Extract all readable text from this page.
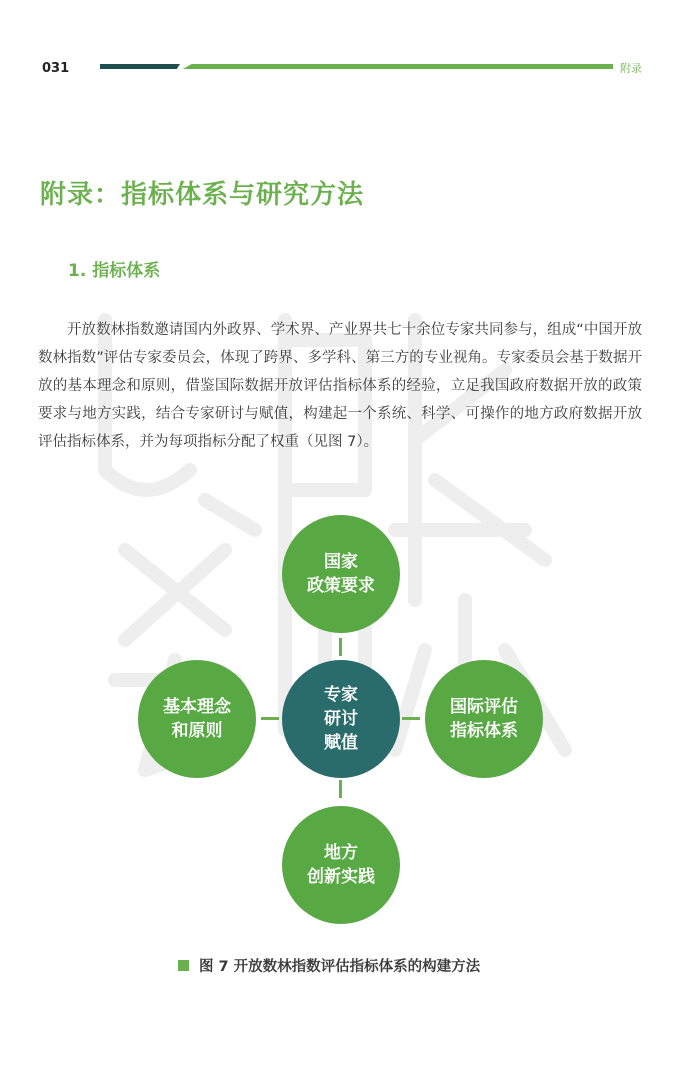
031	附录
附录：指标体系与研究方法
1. 指标体系

开放数林指数邀请国内外政界、学术界、产业界共七十余位专家共同参与，组成“中国开放数林指数”评估专家委员会，体现了跨界、多学科、第三方的专业视角。专家委员会基于数据开放的基本理念和原则，借鉴国际数据开放评估指标体系的经验，立足我国政府数据开放的政策要求与地方实践，结合专家研讨与赋值，构建起一个系统、科学、可操作的地方政府数据开放评估指标体系，并为每项指标分配了权重（见图 7）。

国家
政策要求
基本理念
和原则
专家
研讨
赋值
国际评估
指标体系
地方
创新实践
图 7 开放数林指数评估指标体系的构建方法
